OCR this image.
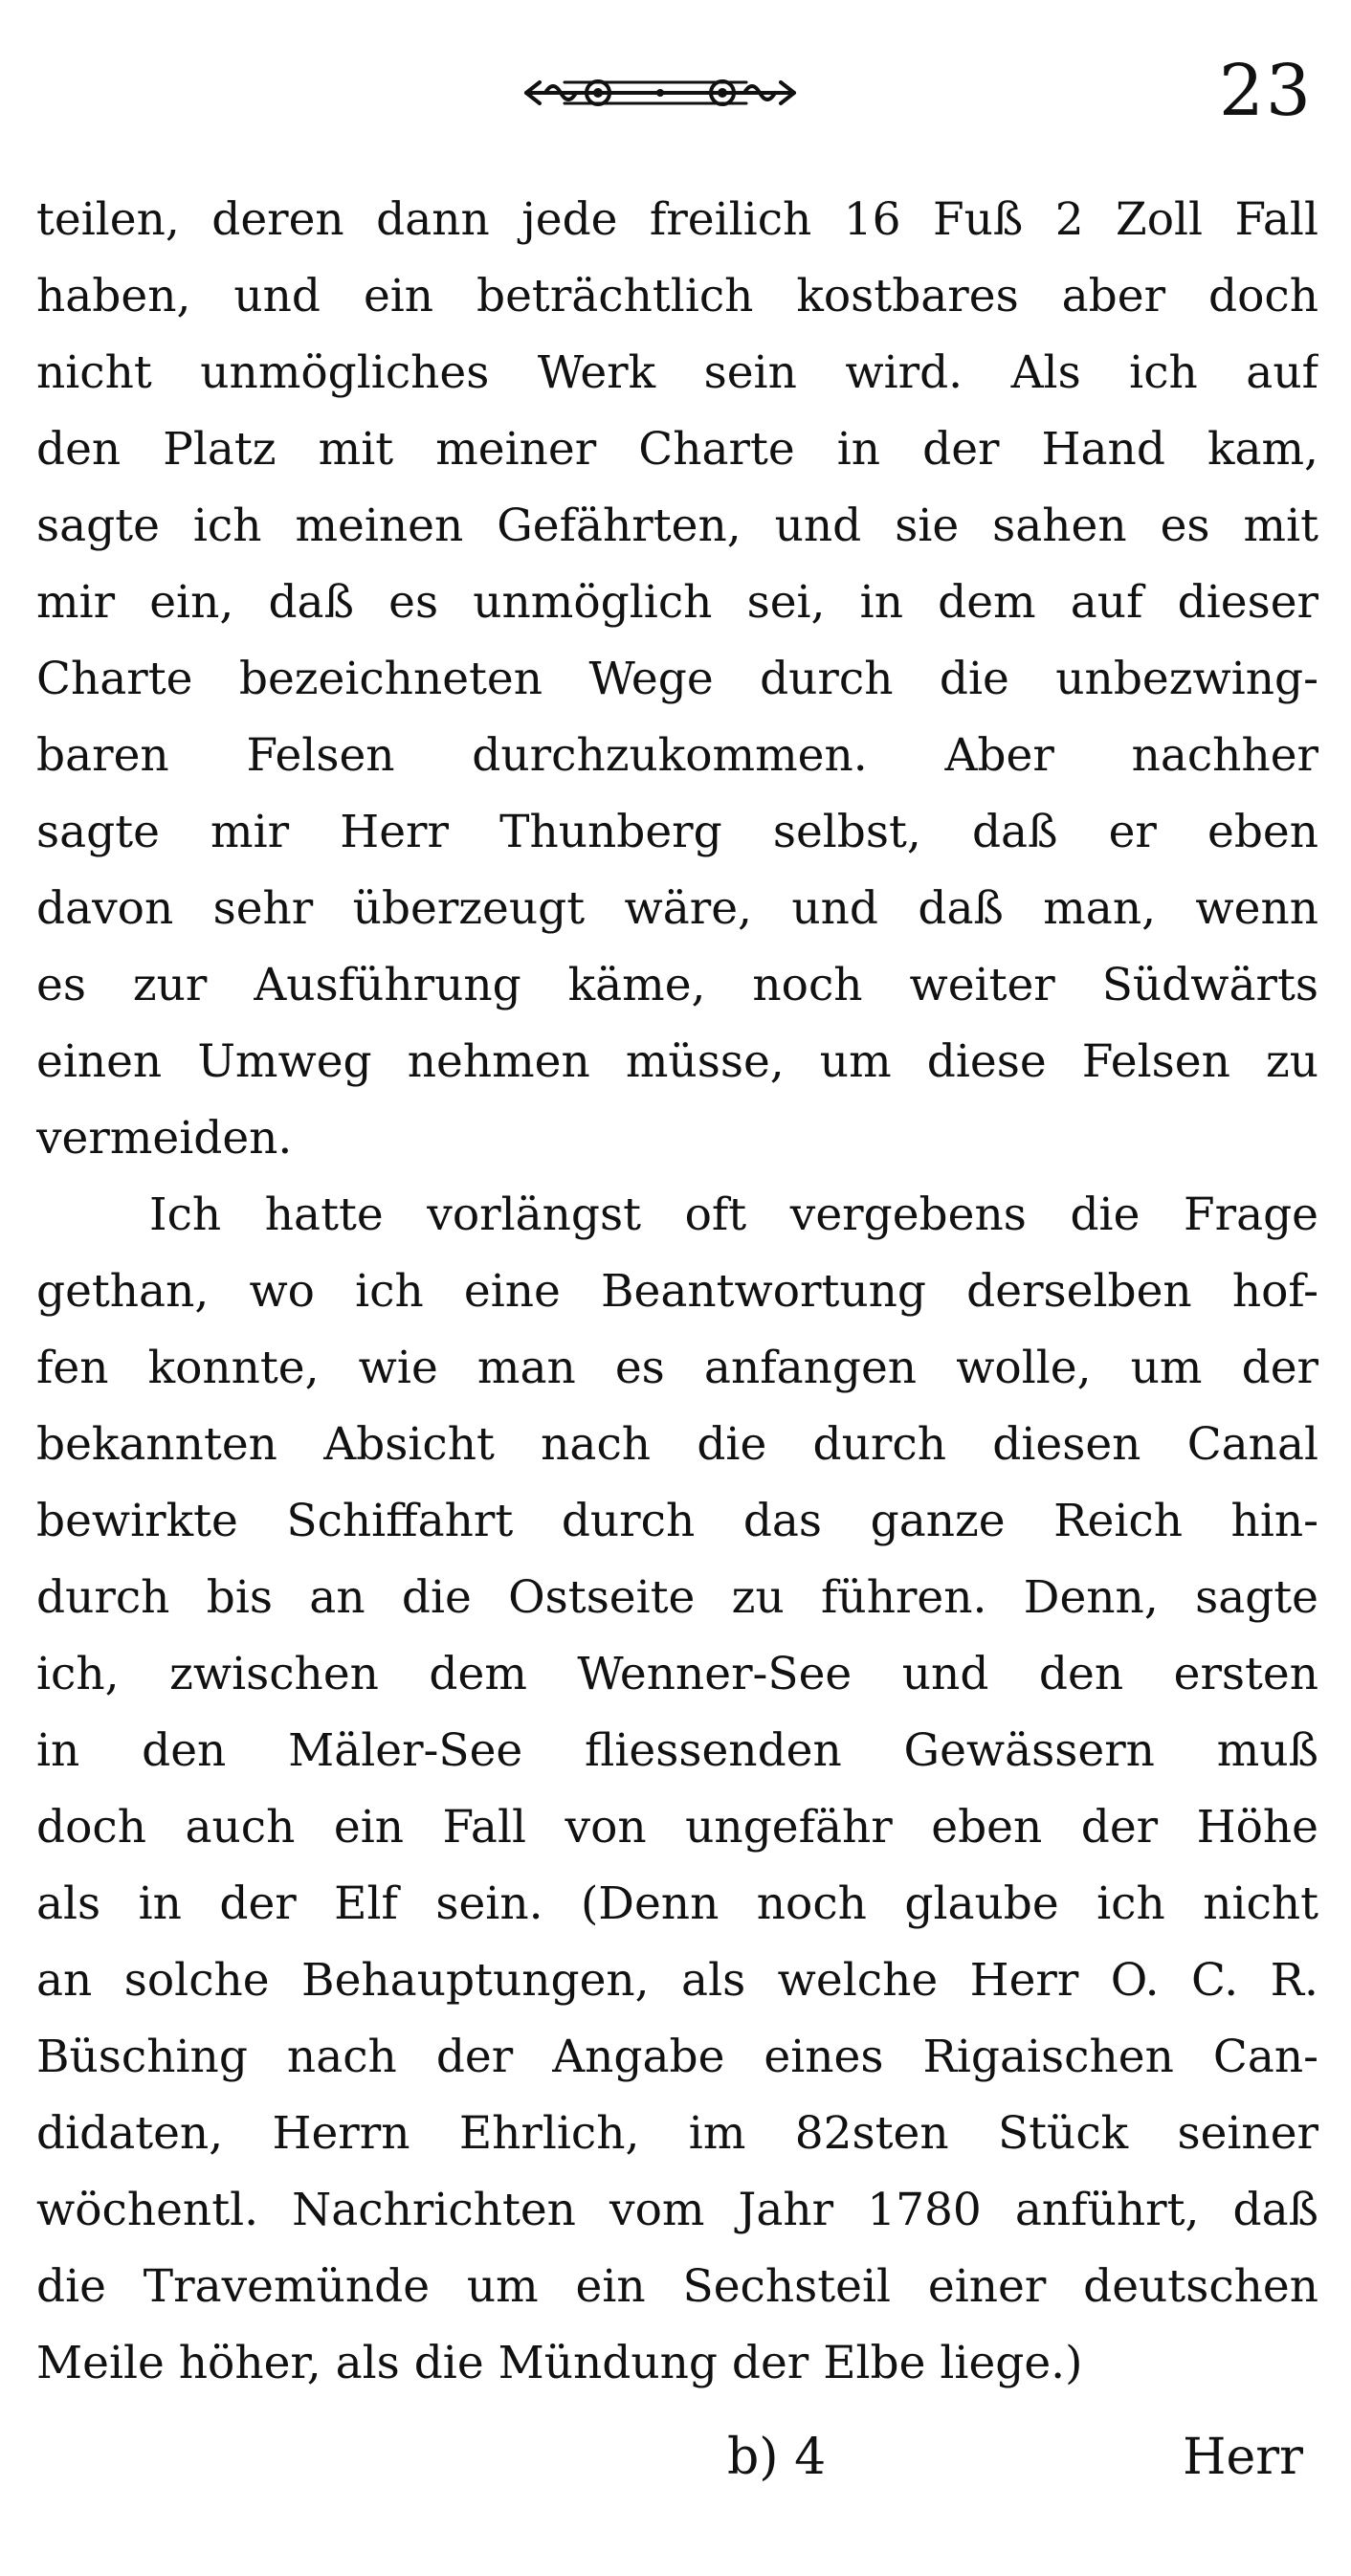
23
teilen, deren dann jede freilich 16 Fuß 2 Zoll Fall
haben, und ein beträchtlich kostbares aber doch
nicht unmögliches Werk sein wird. Als ich auf
den Platz mit meiner Charte in der Hand kam,
sagte ich meinen Gefährten, und sie sahen es mit
mir ein, daß es unmöglich sei, in dem auf dieser
Charte bezeichneten Wege durch die unbezwing-
baren Felsen durchzukommen. Aber nachher
sagte mir Herr Thunberg selbst, daß er eben
davon sehr überzeugt wäre, und daß man, wenn
es zur Ausführung käme, noch weiter Südwärts
einen Umweg nehmen müsse, um diese Felsen zu
vermeiden.
Ich hatte vorlängst oft vergebens die Frage
gethan, wo ich eine Beantwortung derselben hof-
fen konnte, wie man es anfangen wolle, um der
bekannten Absicht nach die durch diesen Canal
bewirkte Schiffahrt durch das ganze Reich hin-
durch bis an die Ostseite zu führen. Denn, sagte
ich, zwischen dem Wenner-See und den ersten
in den Mäler-See fliessenden Gewässern muß
doch auch ein Fall von ungefähr eben der Höhe
als in der Elf sein. (Denn noch glaube ich nicht
an solche Behauptungen, als welche Herr O. C. R.
Büsching nach der Angabe eines Rigaischen Can-
didaten, Herrn Ehrlich, im 82sten Stück seiner
wöchentl. Nachrichten vom Jahr 1780 anführt, daß
die Travemünde um ein Sechsteil einer deutschen
Meile höher, als die Mündung der Elbe liege.)
b) 4	Herr
